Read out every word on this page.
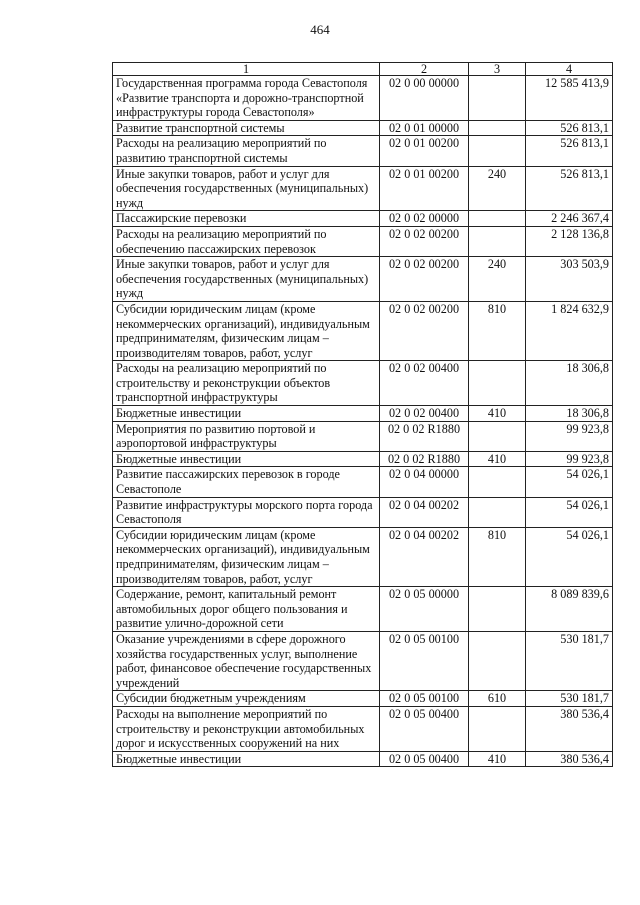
464
1	2	3	4
Государственная программа города Севастополя «Развитие транспорта и дорожно-транспортной инфраструктуры города Севастополя»	02 0 00 00000		12 585 413,9
Развитие транспортной системы	02 0 01 00000		526 813,1
Расходы на реализацию мероприятий по развитию транспортной системы	02 0 01 00200		526 813,1
Иные закупки товаров, работ и услуг для обеспечения государственных (муниципальных) нужд	02 0 01 00200	240	526 813,1
Пассажирские перевозки	02 0 02 00000		2 246 367,4
Расходы на реализацию мероприятий по обеспечению пассажирских перевозок	02 0 02 00200		2 128 136,8
Иные закупки товаров, работ и услуг для обеспечения государственных (муниципальных) нужд	02 0 02 00200	240	303 503,9
Субсидии юридическим лицам (кроме некоммерческих организаций), индивидуальным предпринимателям, физическим лицам – производителям товаров, работ, услуг	02 0 02 00200	810	1 824 632,9
Расходы на реализацию мероприятий по строительству и реконструкции объектов транспортной инфраструктуры	02 0 02 00400		18 306,8
Бюджетные инвестиции	02 0 02 00400	410	18 306,8
Мероприятия по развитию портовой и аэропортовой инфраструктуры	02 0 02 R1880		99 923,8
Бюджетные инвестиции	02 0 02 R1880	410	99 923,8
Развитие пассажирских перевозок в городе Севастополе	02 0 04 00000		54 026,1
Развитие инфраструктуры морского порта города Севастополя	02 0 04 00202		54 026,1
Субсидии юридическим лицам (кроме некоммерческих организаций), индивидуальным предпринимателям, физическим лицам – производителям товаров, работ, услуг	02 0 04 00202	810	54 026,1
Содержание, ремонт, капитальный ремонт автомобильных дорог общего пользования и развитие улично-дорожной сети	02 0 05 00000		8 089 839,6
Оказание учреждениями в сфере дорожного хозяйства государственных услуг, выполнение работ, финансовое обеспечение государственных учреждений	02 0 05 00100		530 181,7
Субсидии бюджетным учреждениям	02 0 05 00100	610	530 181,7
Расходы на выполнение мероприятий по строительству и реконструкции автомобильных дорог и искусственных сооружений на них	02 0 05 00400		380 536,4
Бюджетные инвестиции	02 0 05 00400	410	380 536,4
